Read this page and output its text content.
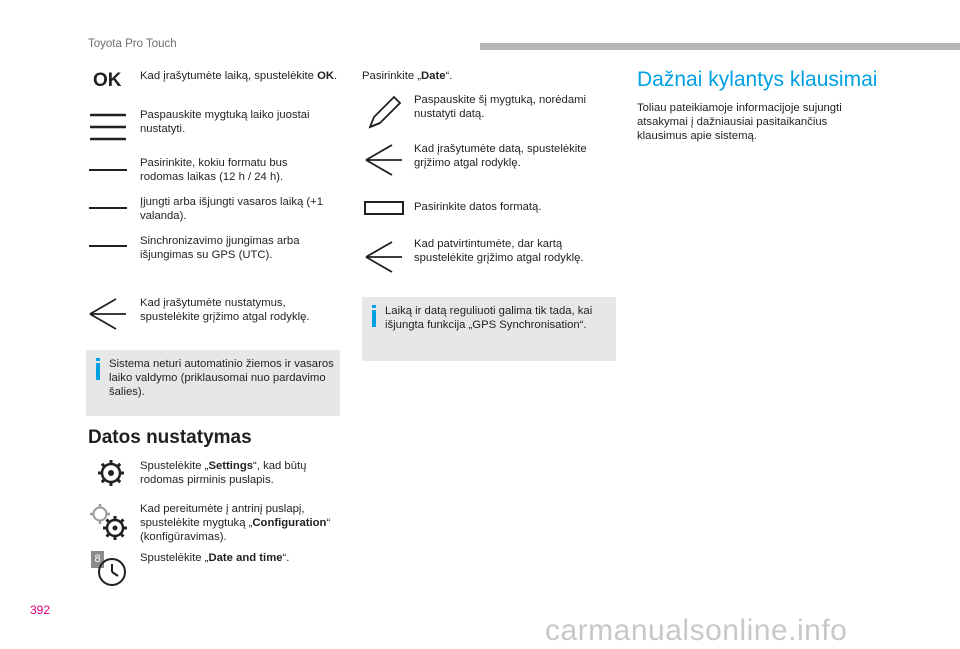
Toyota Pro Touch
OK Kad įrašytumėte laiką, spustelėkite OK.
Paspauskite mygtuką laiko juostai nustatyti.
Pasirinkite, kokiu formatu bus rodomas laikas (12 h / 24 h).
Įjungti arba išjungti vasaros laiką (+1 valanda).
Sinchronizavimo įjungimas arba išjungimas su GPS (UTC).
Kad įrašytumėte nustatymus, spustelėkite grįžimo atgal rodyklę.
Sistema neturi automatinio žiemos ir vasaros laiko valdymo (priklausomai nuo pardavimo šalies).
Datos nustatymas
Spustelėkite „Settings“, kad būtų rodomas pirminis puslapis.
Kad pereitumėte į antrinį puslapį, spustelėkite mygtuką „Configuration“ (konfigūravimas).
8	Spustelėkite „Date and time“.
Pasirinkite „Date“.
Paspauskite šį mygtuką, norėdami nustatyti datą.
Kad įrašytumėte datą, spustelėkite grįžimo atgal rodyklę.
Pasirinkite datos formatą.
Kad patvirtintumėte, dar kartą spustelėkite grįžimo atgal rodyklę.
Laiką ir datą reguliuoti galima tik tada, kai išjungta funkcija „GPS Synchronisation“.
Dažnai kylantys klausimai
Toliau pateikiamoje informacijoje sujungti atsakymai į dažniausiai pasitaikančius klausimus apie sistemą.
392
carmanualsonline.info
